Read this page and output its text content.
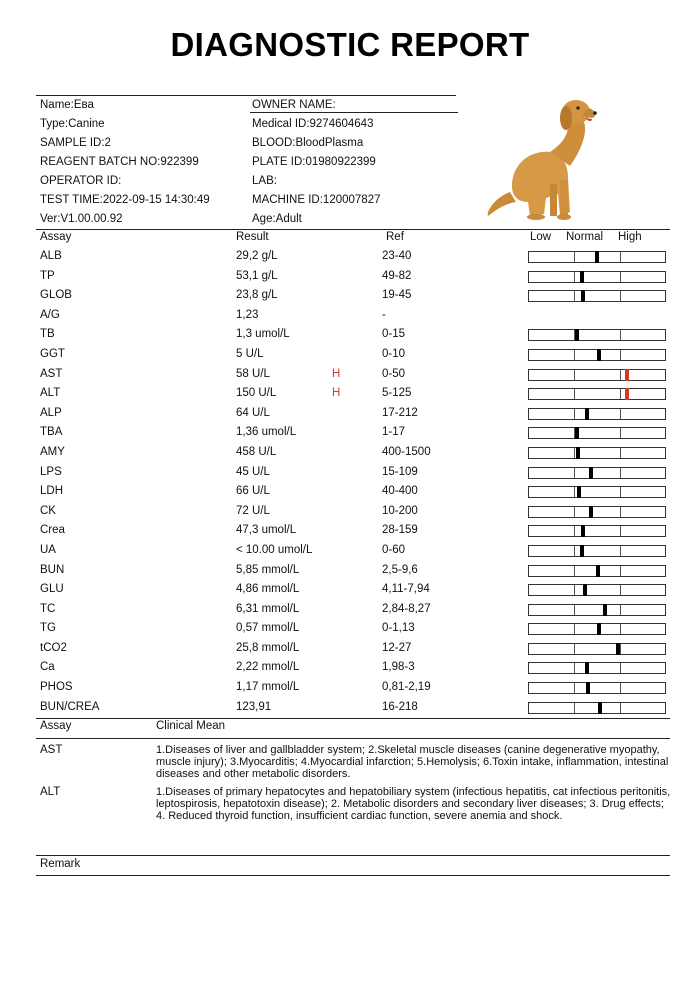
DIAGNOSTIC REPORT
Name:Ева
Type:Canine
SAMPLE ID:2
REAGENT BATCH NO:922399
OPERATOR ID:
TEST TIME:2022-09-15 14:30:49
Ver:V1.00.00.92
OWNER NAME:
Medical ID:9274604643
BLOOD:BloodPlasma
PLATE ID:01980922399
LAB:
MACHINE ID:120007827
Age:Adult
Assay	Result	Ref	Low Normal High
ALB	29,2 g/L	23-40
TP	53,1 g/L	49-82
GLOB	23,8 g/L	19-45
A/G	1,23	-
TB	1,3 umol/L	0-15
GGT	5 U/L	0-10
AST	58 U/L	H	0-50
ALT	150 U/L	H	5-125
ALP	64 U/L	17-212
TBA	1,36 umol/L	1-17
AMY	458 U/L	400-1500
LPS	45 U/L	15-109
LDH	66 U/L	40-400
CK	72 U/L	10-200
Crea	47,3 umol/L	28-159
UA	< 10.00 umol/L	0-60
BUN	5,85 mmol/L	2,5-9,6
GLU	4,86 mmol/L	4,11-7,94
TC	6,31 mmol/L	2,84-8,27
TG	0,57 mmol/L	0-1,13
tCO2	25,8 mmol/L	12-27
Ca	2,22 mmol/L	1,98-3
PHOS	1,17 mmol/L	0,81-2,19
BUN/CREA	123,91	16-218
Assay	Clinical Mean
AST	1.Diseases of liver and gallbladder system; 2.Skeletal muscle diseases (canine degenerative myopathy, muscle injury); 3.Myocarditis; 4.Myocardial infarction; 5.Hemolysis; 6.Toxin intake, inflammation, intestinal diseases and other metabolic disorders.
ALT	1.Diseases of primary hepatocytes and hepatobiliary system (infectious hepatitis, cat infectious peritonitis, leptospirosis, hepatotoxin disease); 2. Metabolic disorders and secondary liver diseases; 3. Drug effects; 4. Reduced thyroid function, insufficient cardiac function, severe anemia and shock.
Remark
